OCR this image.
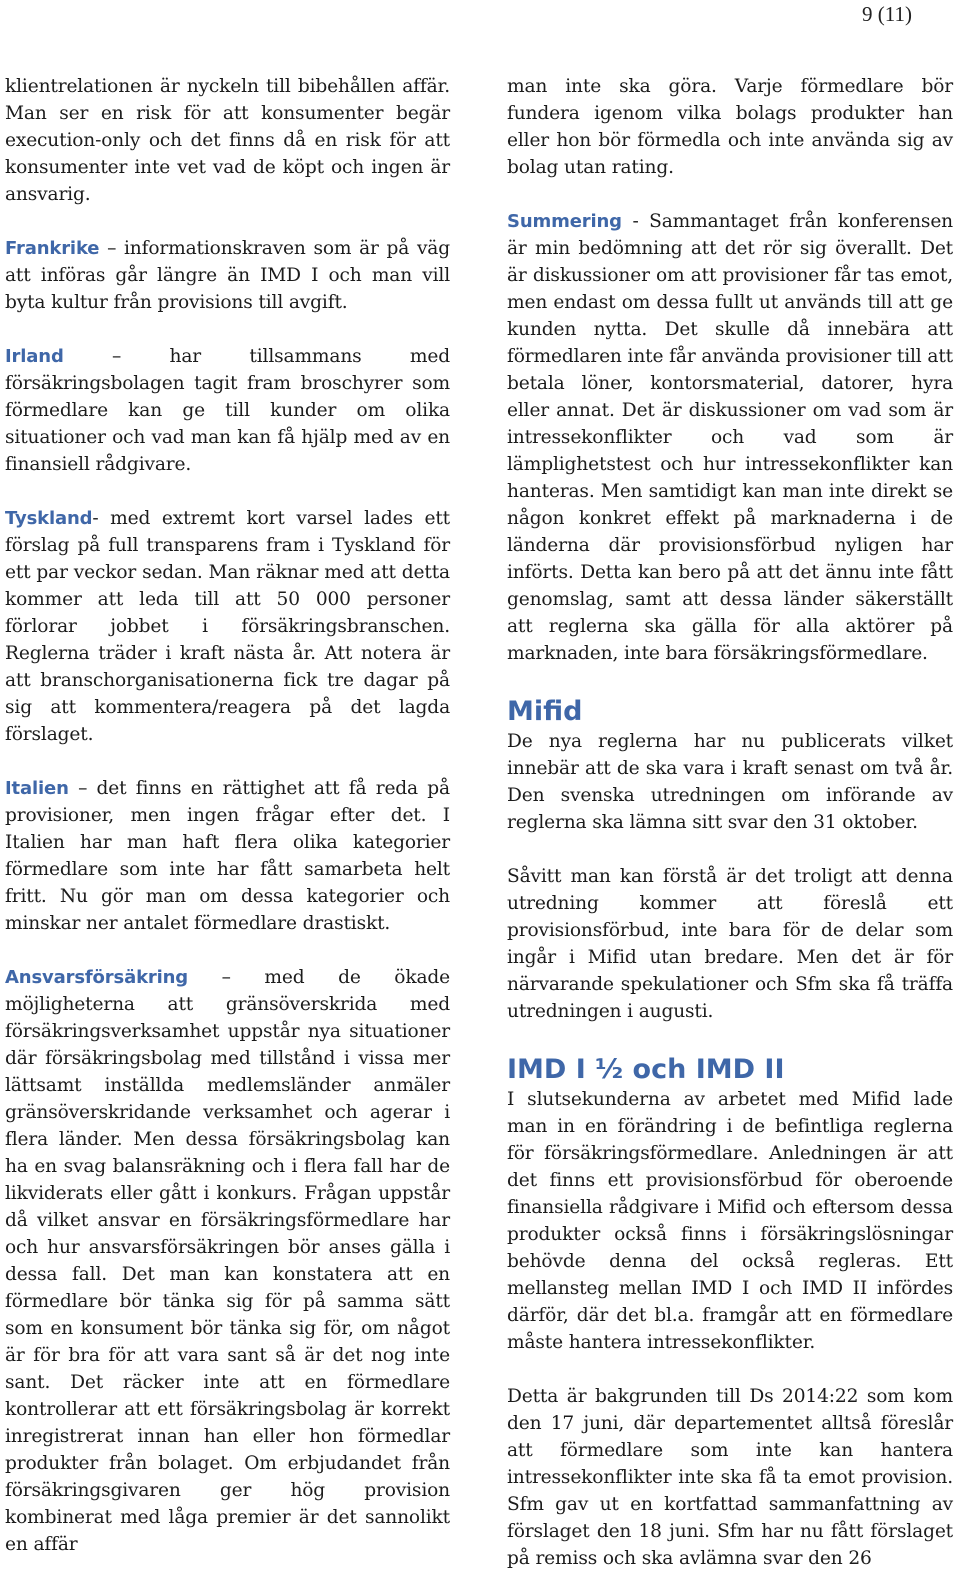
9 (11)

klientrelationen är nyckeln till bibehållen affär. Man ser en risk för att konsumenter begär execution-only och det finns då en risk för att konsumenter inte vet vad de köpt och ingen är ansvarig.

Frankrike – informationskraven som är på väg att införas går längre än IMD I och man vill byta kultur från provisions till avgift.

Irland – har tillsammans med försäkringsbolagen tagit fram broschyrer som förmedlare kan ge till kunder om olika situationer och vad man kan få hjälp med av en finansiell rådgivare.

Tyskland- med extremt kort varsel lades ett förslag på full transparens fram i Tyskland för ett par veckor sedan. Man räknar med att detta kommer att leda till att 50 000 personer förlorar jobbet i försäkringsbranschen. Reglerna träder i kraft nästa år. Att notera är att branschorganisationerna fick tre dagar på sig att kommentera/reagera på det lagda förslaget.

Italien – det finns en rättighet att få reda på provisioner, men ingen frågar efter det. I Italien har man haft flera olika kategorier förmedlare som inte har fått samarbeta helt fritt. Nu gör man om dessa kategorier och minskar ner antalet förmedlare drastiskt.

Ansvarsförsäkring – med de ökade möjligheterna att gränsöverskrida med försäkringsverksamhet uppstår nya situationer där försäkringsbolag med tillstånd i vissa mer lättsamt inställda medlemsländer anmäler gränsöverskridande verksamhet och agerar i flera länder. Men dessa försäkringsbolag kan ha en svag balansräkning och i flera fall har de likviderats eller gått i konkurs. Frågan uppstår då vilket ansvar en försäkringsförmedlare har och hur ansvarsförsäkringen bör anses gälla i dessa fall. Det man kan konstatera att en förmedlare bör tänka sig för på samma sätt som en konsument bör tänka sig för, om något är för bra för att vara sant så är det nog inte sant. Det räcker inte att en förmedlare kontrollerar att ett försäkringsbolag är korrekt inregistrerat innan han eller hon förmedlar produkter från bolaget. Om erbjudandet från försäkringsgivaren ger hög provision kombinerat med låga premier är det sannolikt en affär

man inte ska göra. Varje förmedlare bör fundera igenom vilka bolags produkter han eller hon bör förmedla och inte använda sig av bolag utan rating.

Summering - Sammantaget från konferensen är min bedömning att det rör sig överallt. Det är diskussioner om att provisioner får tas emot, men endast om dessa fullt ut används till att ge kunden nytta. Det skulle då innebära att förmedlaren inte får använda provisioner till att betala löner, kontorsmaterial, datorer, hyra eller annat. Det är diskussioner om vad som är intressekonflikter och vad som är lämplighetstest och hur intressekonflikter kan hanteras. Men samtidigt kan man inte direkt se någon konkret effekt på marknaderna i de länderna där provisionsförbud nyligen har införts. Detta kan bero på att det ännu inte fått genomslag, samt att dessa länder säkerställt att reglerna ska gälla för alla aktörer på marknaden, inte bara försäkringsförmedlare.

Mifid

De nya reglerna har nu publicerats vilket innebär att de ska vara i kraft senast om två år. Den svenska utredningen om införande av reglerna ska lämna sitt svar den 31 oktober.

Såvitt man kan förstå är det troligt att denna utredning kommer att föreslå ett provisionsförbud, inte bara för de delar som ingår i Mifid utan bredare. Men det är för närvarande spekulationer och Sfm ska få träffa utredningen i augusti.

IMD I ½ och IMD II

I slutsekunderna av arbetet med Mifid lade man in en förändring i de befintliga reglerna för försäkringsförmedlare. Anledningen är att det finns ett provisionsförbud för oberoende finansiella rådgivare i Mifid och eftersom dessa produkter också finns i försäkringslösningar behövde denna del också regleras. Ett mellansteg mellan IMD I och IMD II infördes därför, där det bl.a. framgår att en förmedlare måste hantera intressekonflikter.

Detta är bakgrunden till Ds 2014:22 som kom den 17 juni, där departementet alltså föreslår att förmedlare som inte kan hantera intressekonflikter inte ska få ta emot provision. Sfm gav ut en kortfattad sammanfattning av förslaget den 18 juni. Sfm har nu fått förslaget på remiss och ska avlämna svar den 26
